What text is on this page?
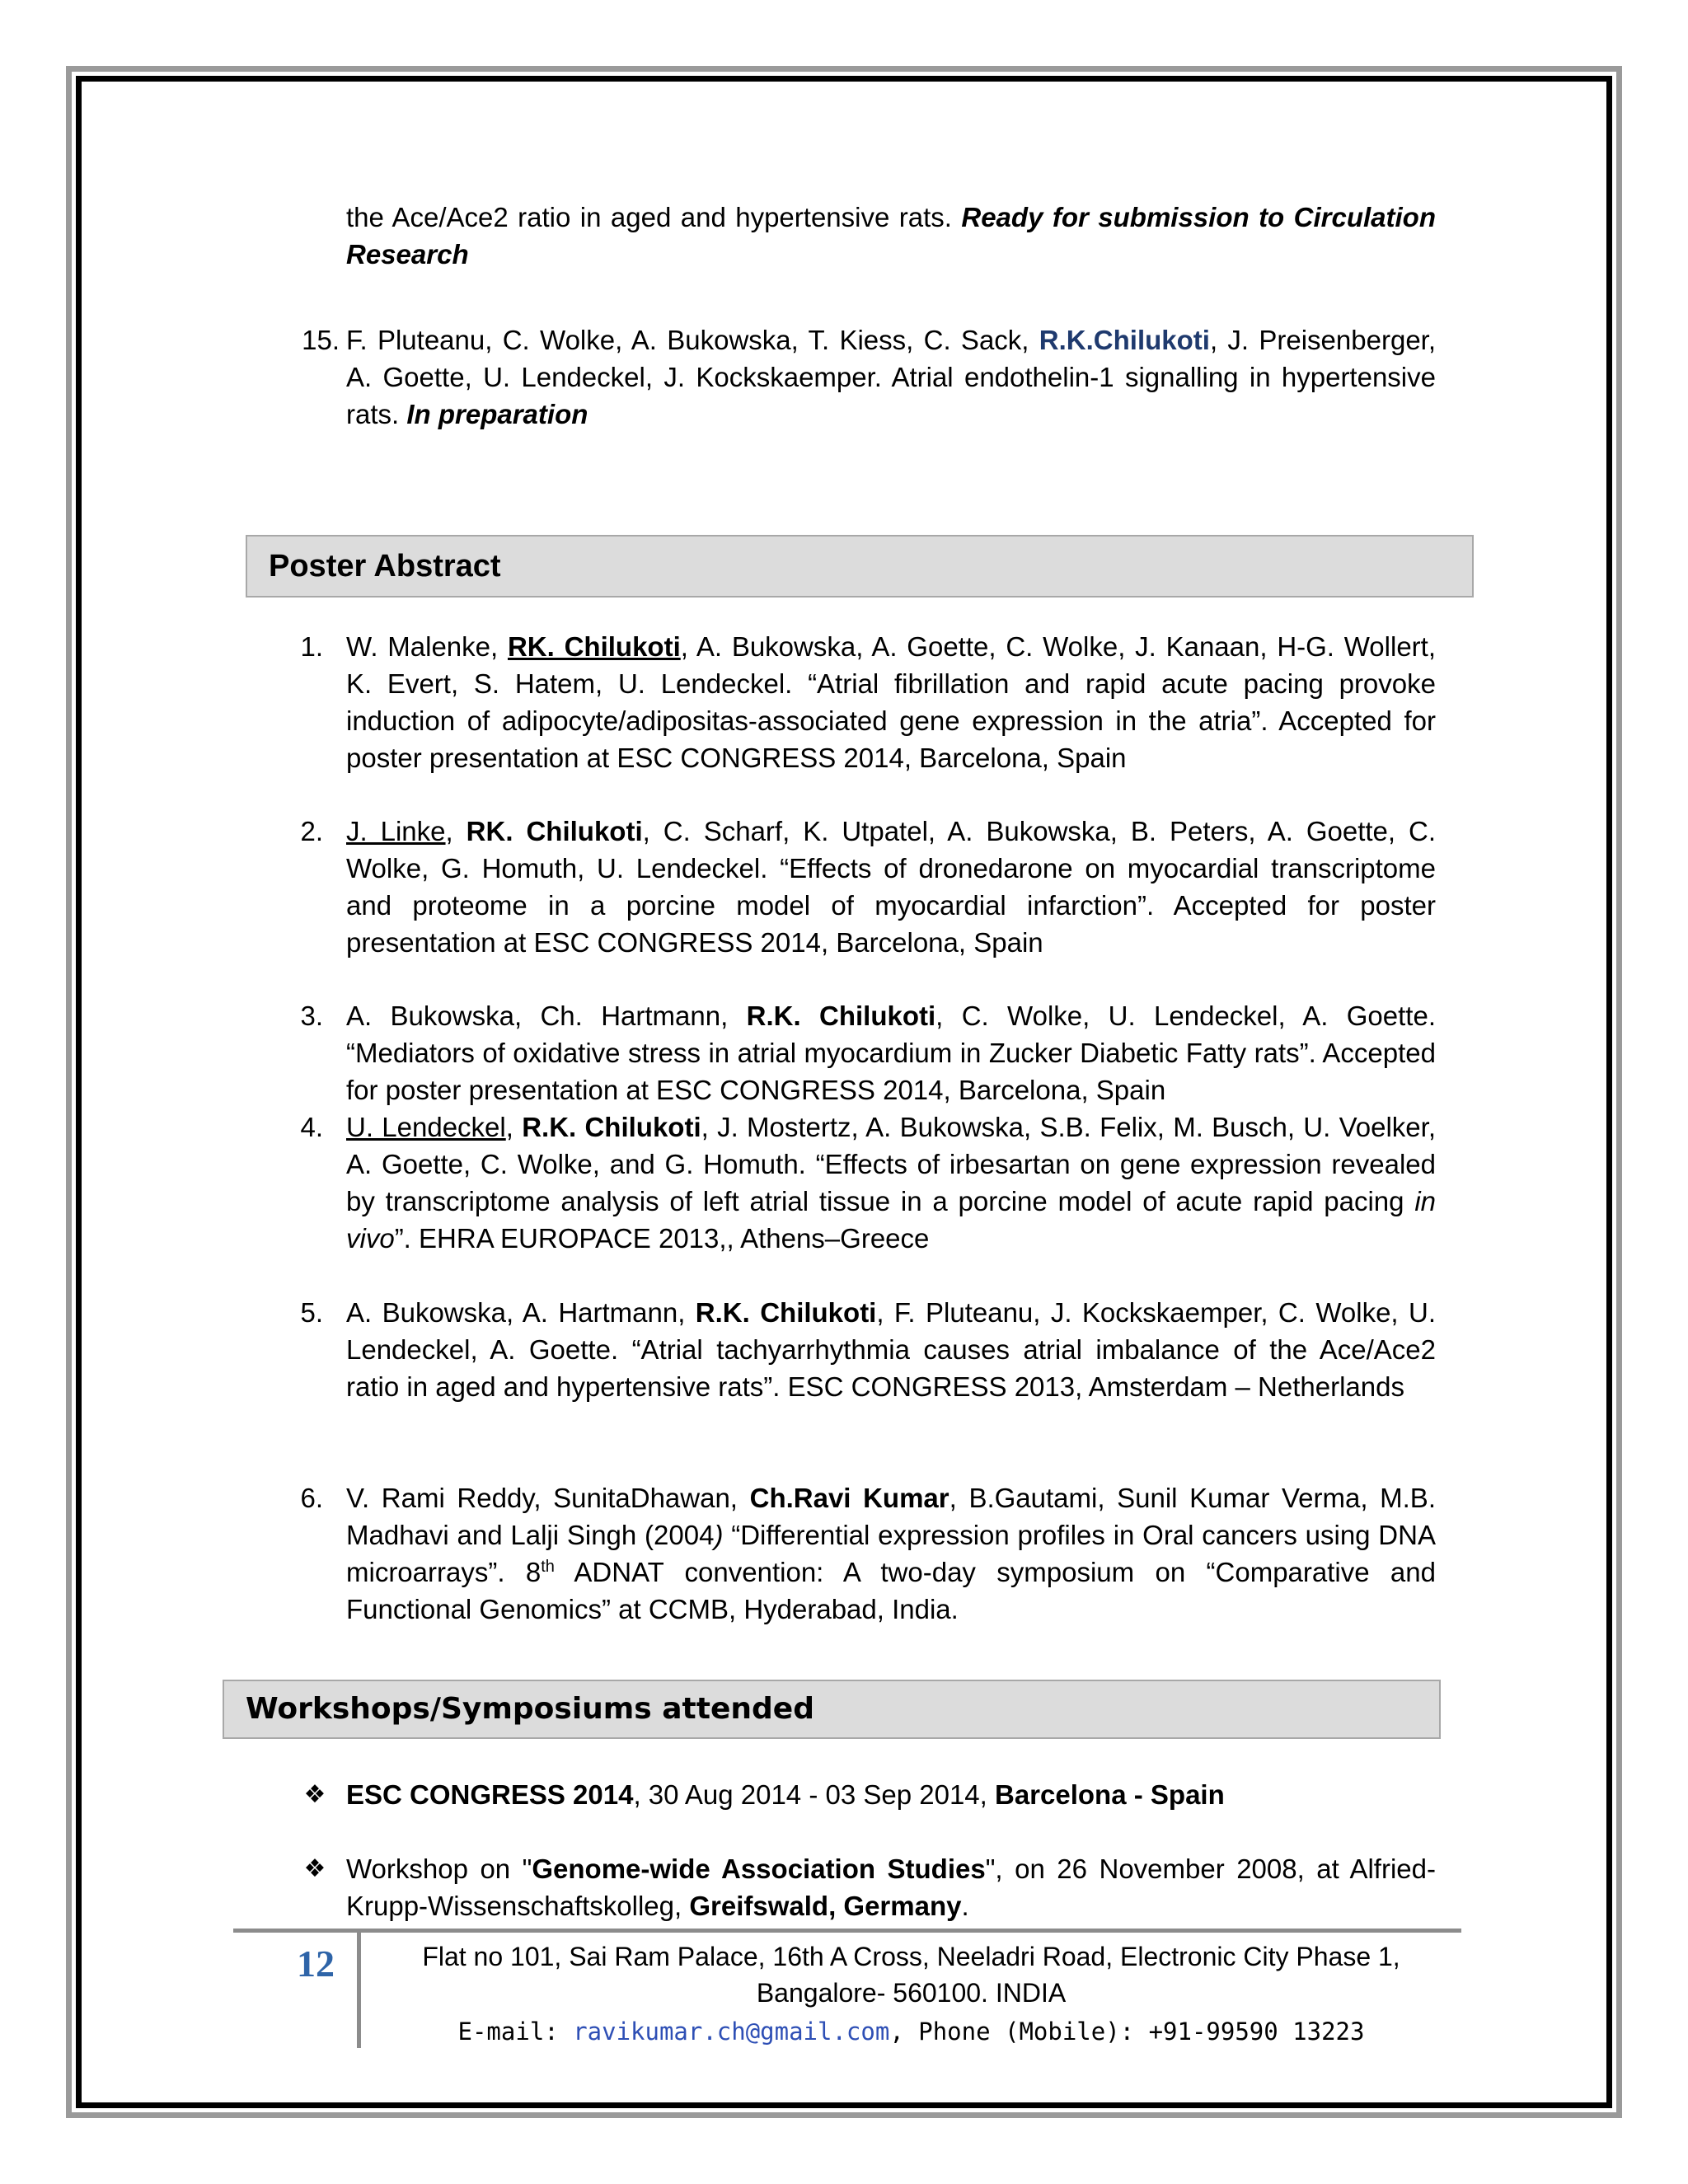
the Ace/Ace2 ratio in aged and hypertensive rats. Ready for submission to Circulation Research
15. F. Pluteanu, C. Wolke, A. Bukowska, T. Kiess, C. Sack, R.K.Chilukoti, J. Preisenberger, A. Goette, U. Lendeckel, J. Kockskaemper. Atrial endothelin-1 signalling in hypertensive rats. In preparation
Poster Abstract
1. W. Malenke, RK. Chilukoti, A. Bukowska, A. Goette, C. Wolke, J. Kanaan, H-G. Wollert, K. Evert, S. Hatem, U. Lendeckel. “Atrial fibrillation and rapid acute pacing provoke induction of adipocyte/adipositas-associated gene expression in the atria”. Accepted for poster presentation at ESC CONGRESS 2014, Barcelona, Spain
2. J. Linke, RK. Chilukoti, C. Scharf, K. Utpatel, A. Bukowska, B. Peters, A. Goette, C. Wolke, G. Homuth, U. Lendeckel. “Effects of dronedarone on myocardial transcriptome and proteome in a porcine model of myocardial infarction”. Accepted for poster presentation at ESC CONGRESS 2014, Barcelona, Spain
3. A. Bukowska, Ch. Hartmann, R.K. Chilukoti, C. Wolke, U. Lendeckel, A. Goette. “Mediators of oxidative stress in atrial myocardium in Zucker Diabetic Fatty rats”. Accepted for poster presentation at ESC CONGRESS 2014, Barcelona, Spain
4. U. Lendeckel, R.K. Chilukoti, J. Mostertz, A. Bukowska, S.B. Felix, M. Busch, U. Voelker, A. Goette, C. Wolke, and G. Homuth. “Effects of irbesartan on gene expression revealed by transcriptome analysis of left atrial tissue in a porcine model of acute rapid pacing in vivo”. EHRA EUROPACE 2013,, Athens–Greece
5. A. Bukowska, A. Hartmann, R.K. Chilukoti, F. Pluteanu, J. Kockskaemper, C. Wolke, U. Lendeckel, A. Goette. “Atrial tachyarrhythmia causes atrial imbalance of the Ace/Ace2 ratio in aged and hypertensive rats”. ESC CONGRESS 2013, Amsterdam – Netherlands
6. V. Rami Reddy, SunitaDhawan, Ch.Ravi Kumar, B.Gautami, Sunil Kumar Verma, M.B. Madhavi and Lalji Singh (2004) “Differential expression profiles in Oral cancers using DNA microarrays”. 8th ADNAT convention: A two-day symposium on “Comparative and Functional Genomics” at CCMB, Hyderabad, India.
Workshops/Symposiums attended
❖ ESC CONGRESS 2014, 30 Aug 2014 - 03 Sep 2014, Barcelona - Spain
❖ Workshop on "Genome-wide Association Studies", on 26 November 2008, at Alfried-Krupp-Wissenschaftskolleg, Greifswald, Germany.
12	Flat no 101, Sai Ram Palace, 16th A Cross, Neeladri Road, Electronic City Phase 1,
Bangalore- 560100. INDIA
E-mail: ravikumar.ch@gmail.com, Phone (Mobile): +91-99590 13223
